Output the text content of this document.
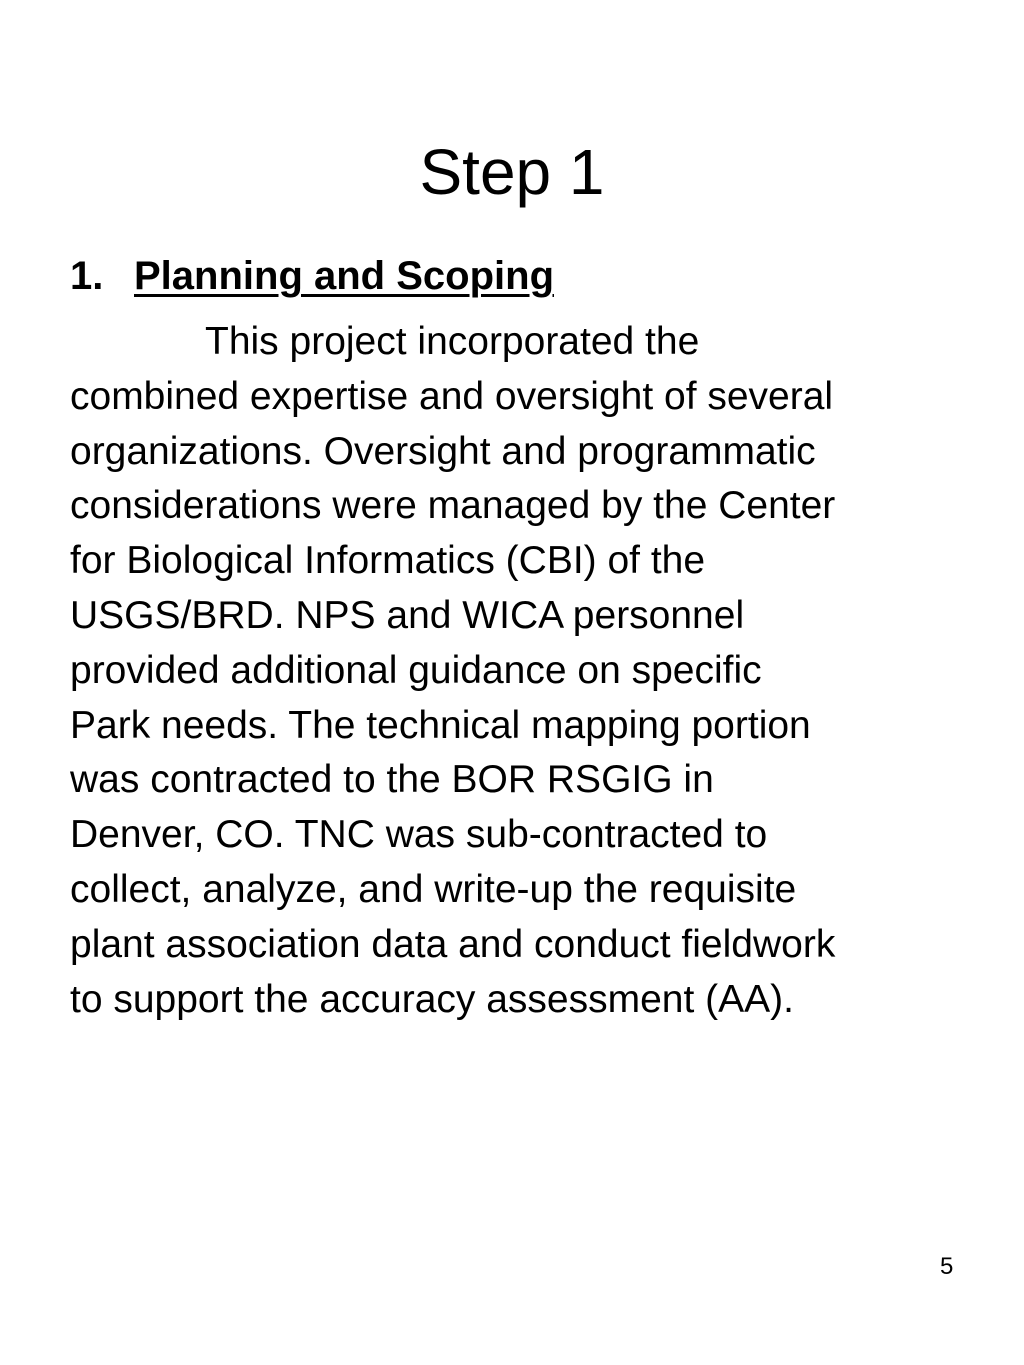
Step 1
1. Planning and Scoping
This project incorporated the
combined expertise and oversight of several
organizations. Oversight and programmatic
considerations were managed by the Center
for Biological Informatics (CBI) of the
USGS/BRD. NPS and WICA personnel
provided additional guidance on specific
Park needs. The technical mapping portion
was contracted to the BOR RSGIG in
Denver, CO. TNC was sub-contracted to
collect, analyze, and write-up the requisite
plant association data and conduct fieldwork
to support the accuracy assessment (AA).
5
